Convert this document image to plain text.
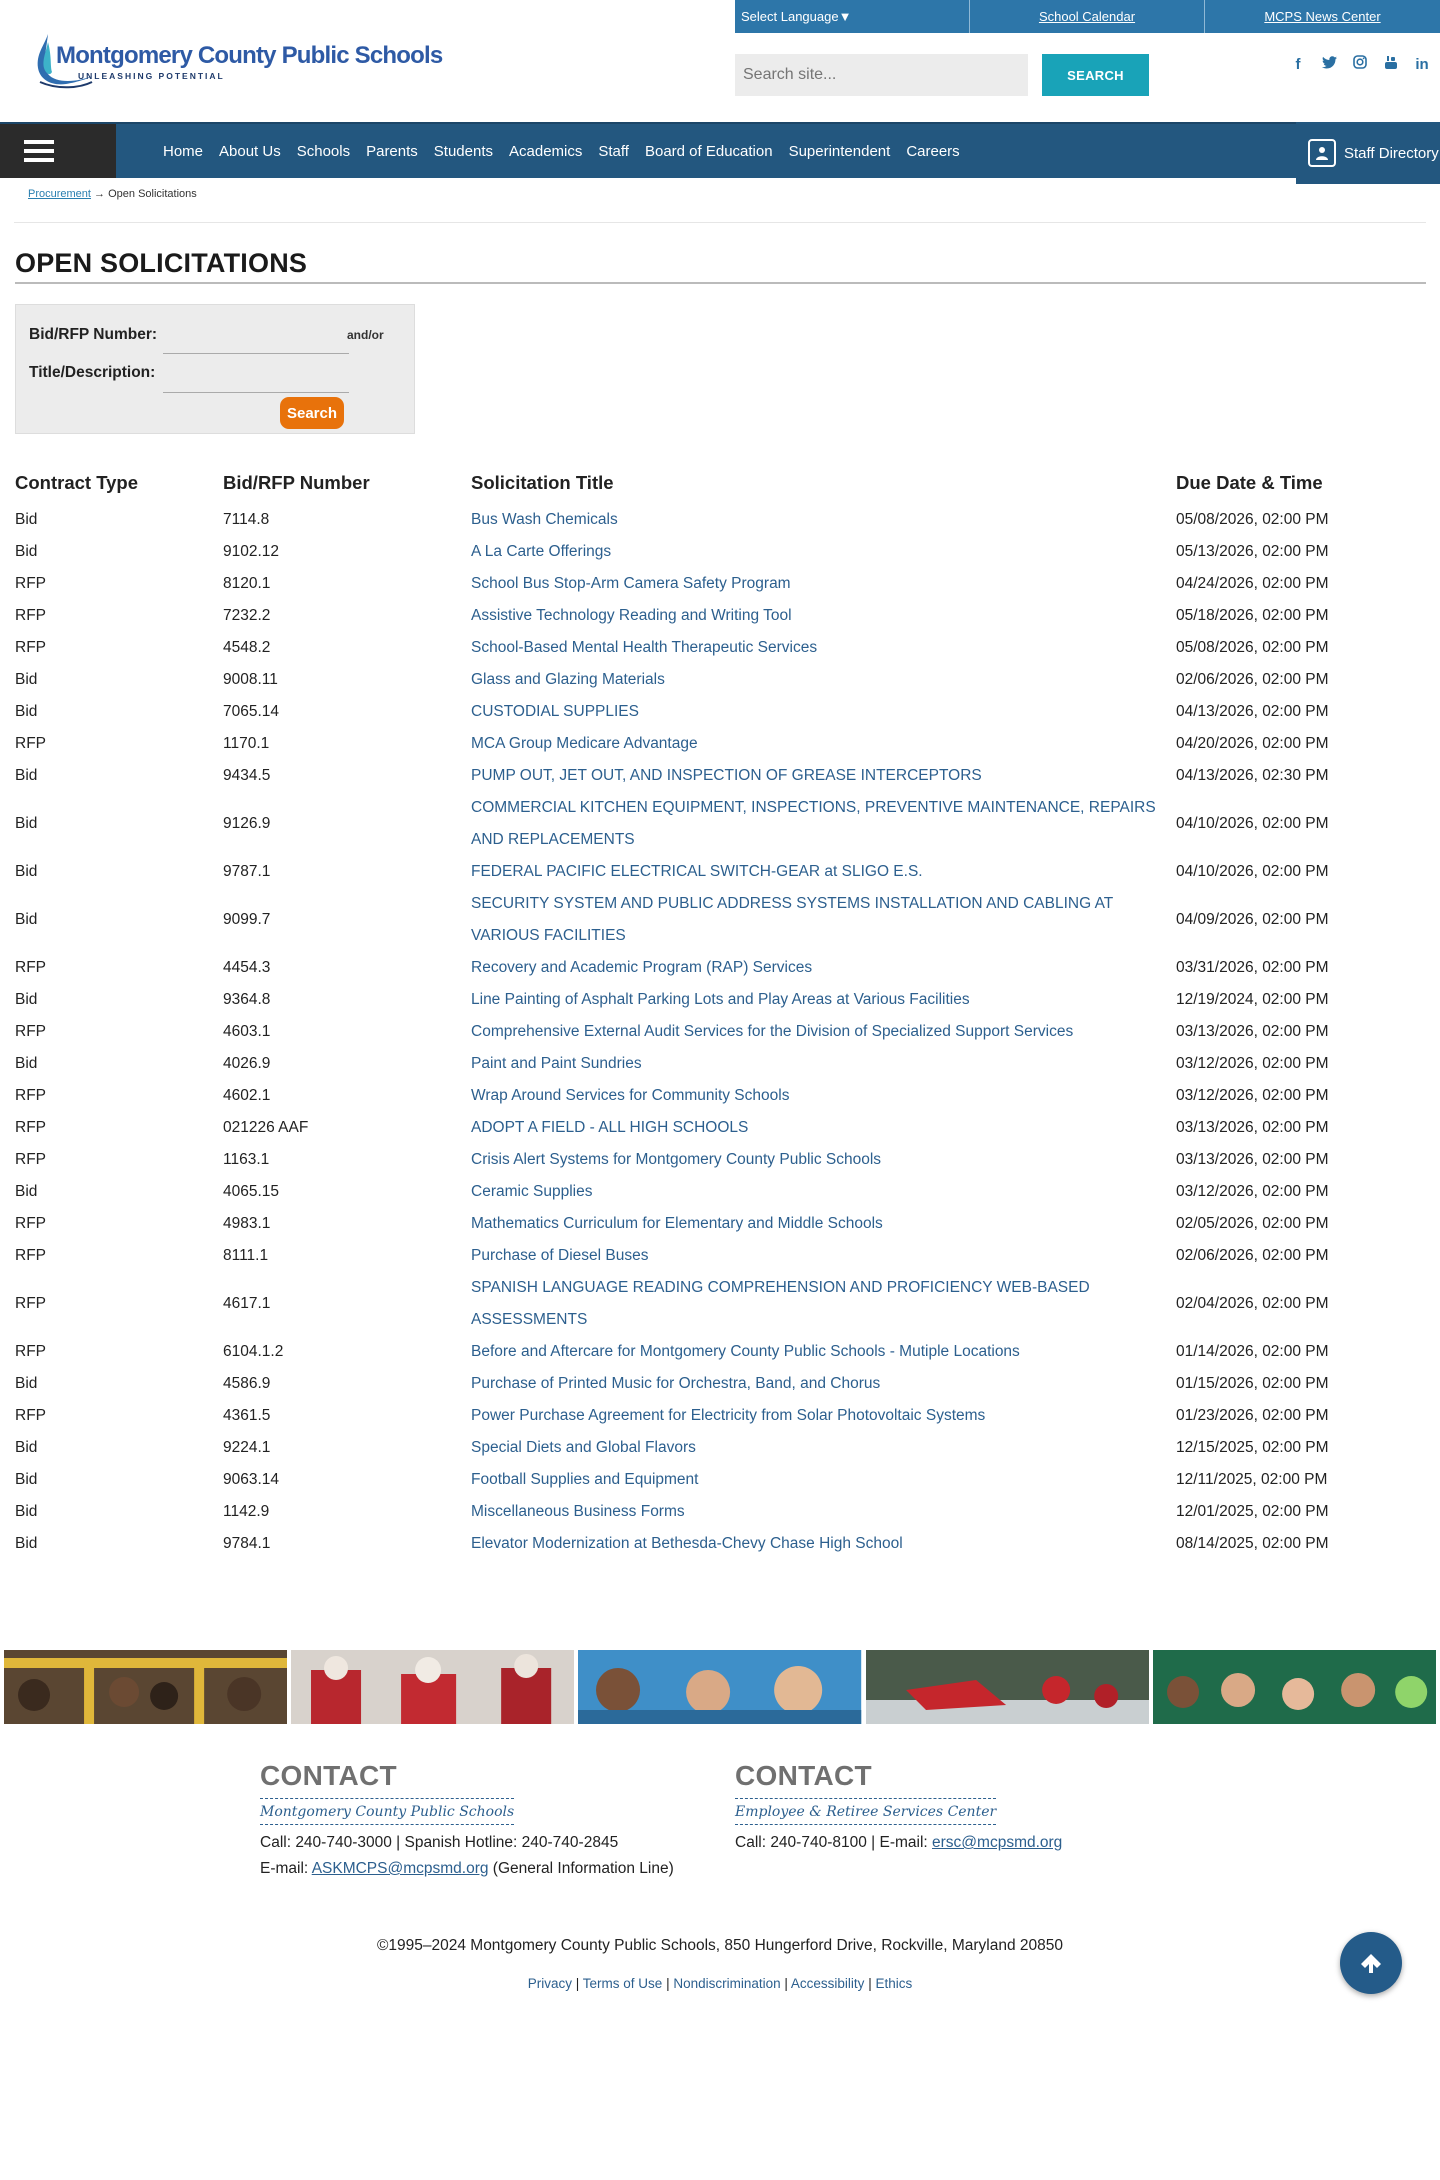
Montgomery County Public Schools
UNLEASHING POTENTIAL
Select Language▼	School Calendar	MCPS News Center
Search site...
SEARCH
f	in
Home	About Us	Schools	Parents	Students	Academics	Staff	Board of Education	Superintendent	Careers	Staff Directory
Procurement → Open Solicitations
OPEN SOLICITATIONS
Bid/RFP Number:	and/or
Title/Description:
Search
Contract Type	Bid/RFP Number	Solicitation Title	Due Date & Time
Bid	7114.8	Bus Wash Chemicals	05/08/2026, 02:00 PM
Bid	9102.12	A La Carte Offerings	05/13/2026, 02:00 PM
RFP	8120.1	School Bus Stop-Arm Camera Safety Program	04/24/2026, 02:00 PM
RFP	7232.2	Assistive Technology Reading and Writing Tool	05/18/2026, 02:00 PM
RFP	4548.2	School-Based Mental Health Therapeutic Services	05/08/2026, 02:00 PM
Bid	9008.11	Glass and Glazing Materials	02/06/2026, 02:00 PM
Bid	7065.14	CUSTODIAL SUPPLIES	04/13/2026, 02:00 PM
RFP	1170.1	MCA Group Medicare Advantage	04/20/2026, 02:00 PM
Bid	9434.5	PUMP OUT, JET OUT, AND INSPECTION OF GREASE INTERCEPTORS	04/13/2026, 02:30 PM
Bid	9126.9	COMMERCIAL KITCHEN EQUIPMENT, INSPECTIONS, PREVENTIVE MAINTENANCE, REPAIRS AND REPLACEMENTS	04/10/2026, 02:00 PM
Bid	9787.1	FEDERAL PACIFIC ELECTRICAL SWITCH-GEAR at SLIGO E.S.	04/10/2026, 02:00 PM
Bid	9099.7	SECURITY SYSTEM AND PUBLIC ADDRESS SYSTEMS INSTALLATION AND CABLING AT VARIOUS FACILITIES	04/09/2026, 02:00 PM
RFP	4454.3	Recovery and Academic Program (RAP) Services	03/31/2026, 02:00 PM
Bid	9364.8	Line Painting of Asphalt Parking Lots and Play Areas at Various Facilities	12/19/2024, 02:00 PM
RFP	4603.1	Comprehensive External Audit Services for the Division of Specialized Support Services	03/13/2026, 02:00 PM
Bid	4026.9	Paint and Paint Sundries	03/12/2026, 02:00 PM
RFP	4602.1	Wrap Around Services for Community Schools	03/12/2026, 02:00 PM
RFP	021226 AAF	ADOPT A FIELD - ALL HIGH SCHOOLS	03/13/2026, 02:00 PM
RFP	1163.1	Crisis Alert Systems for Montgomery County Public Schools	03/13/2026, 02:00 PM
Bid	4065.15	Ceramic Supplies	03/12/2026, 02:00 PM
RFP	4983.1	Mathematics Curriculum for Elementary and Middle Schools	02/05/2026, 02:00 PM
RFP	8111.1	Purchase of Diesel Buses	02/06/2026, 02:00 PM
RFP	4617.1	SPANISH LANGUAGE READING COMPREHENSION AND PROFICIENCY WEB-BASED ASSESSMENTS	02/04/2026, 02:00 PM
RFP	6104.1.2	Before and Aftercare for Montgomery County Public Schools - Mutiple Locations	01/14/2026, 02:00 PM
Bid	4586.9	Purchase of Printed Music for Orchestra, Band, and Chorus	01/15/2026, 02:00 PM
RFP	4361.5	Power Purchase Agreement for Electricity from Solar Photovoltaic Systems	01/23/2026, 02:00 PM
Bid	9224.1	Special Diets and Global Flavors	12/15/2025, 02:00 PM
Bid	9063.14	Football Supplies and Equipment	12/11/2025, 02:00 PM
Bid	1142.9	Miscellaneous Business Forms	12/01/2025, 02:00 PM
Bid	9784.1	Elevator Modernization at Bethesda-Chevy Chase High School	08/14/2025, 02:00 PM
CONTACT
Montgomery County Public Schools
Call: 240-740-3000 | Spanish Hotline: 240-740-2845
E-mail: ASKMCPS@mcpsmd.org (General Information Line)
CONTACT
Employee & Retiree Services Center
Call: 240-740-8100 | E-mail: ersc@mcpsmd.org
©1995–2024 Montgomery County Public Schools, 850 Hungerford Drive, Rockville, Maryland 20850
Privacy | Terms of Use | Nondiscrimination | Accessibility | Ethics
